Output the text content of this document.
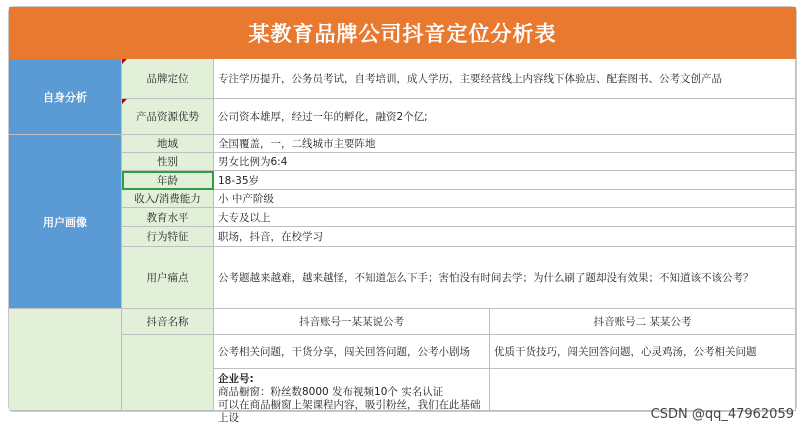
某教育品牌公司抖音定位分析表
自身分析
品牌定位	专注学历提升，公务员考试，自考培训，成人学历，主要经营线上内容线下体验店、配套图书、公考文创产品
产品资源优势	公司资本雄厚，经过一年的孵化，融资2个亿;
用户画像
地域	全国覆盖，一，二线城市主要阵地
性别	男女比例为6:4
年龄	18-35岁
收入/消费能力	小 中产阶级
教育水平	大专及以上
行为特征	职场，抖音，在校学习
用户痛点	公考题越来越难，越来越怪，不知道怎么下手；害怕没有时间去学；为什么刷了题却没有效果；不知道该不该公考？
抖音名称	抖音账号一某某说公考	抖音账号二 某某公考
公考相关问题，干货分享，闯关回答问题，公考小剧场	优质干货技巧，闯关回答问题，心灵鸡汤，公考相关问题
企业号:
商品橱窗：粉丝数8000 发布视频10个 实名认证
可以在商品橱窗上架课程内容，吸引粉丝，我们在此基础上设	CSDN @qq_47962059
